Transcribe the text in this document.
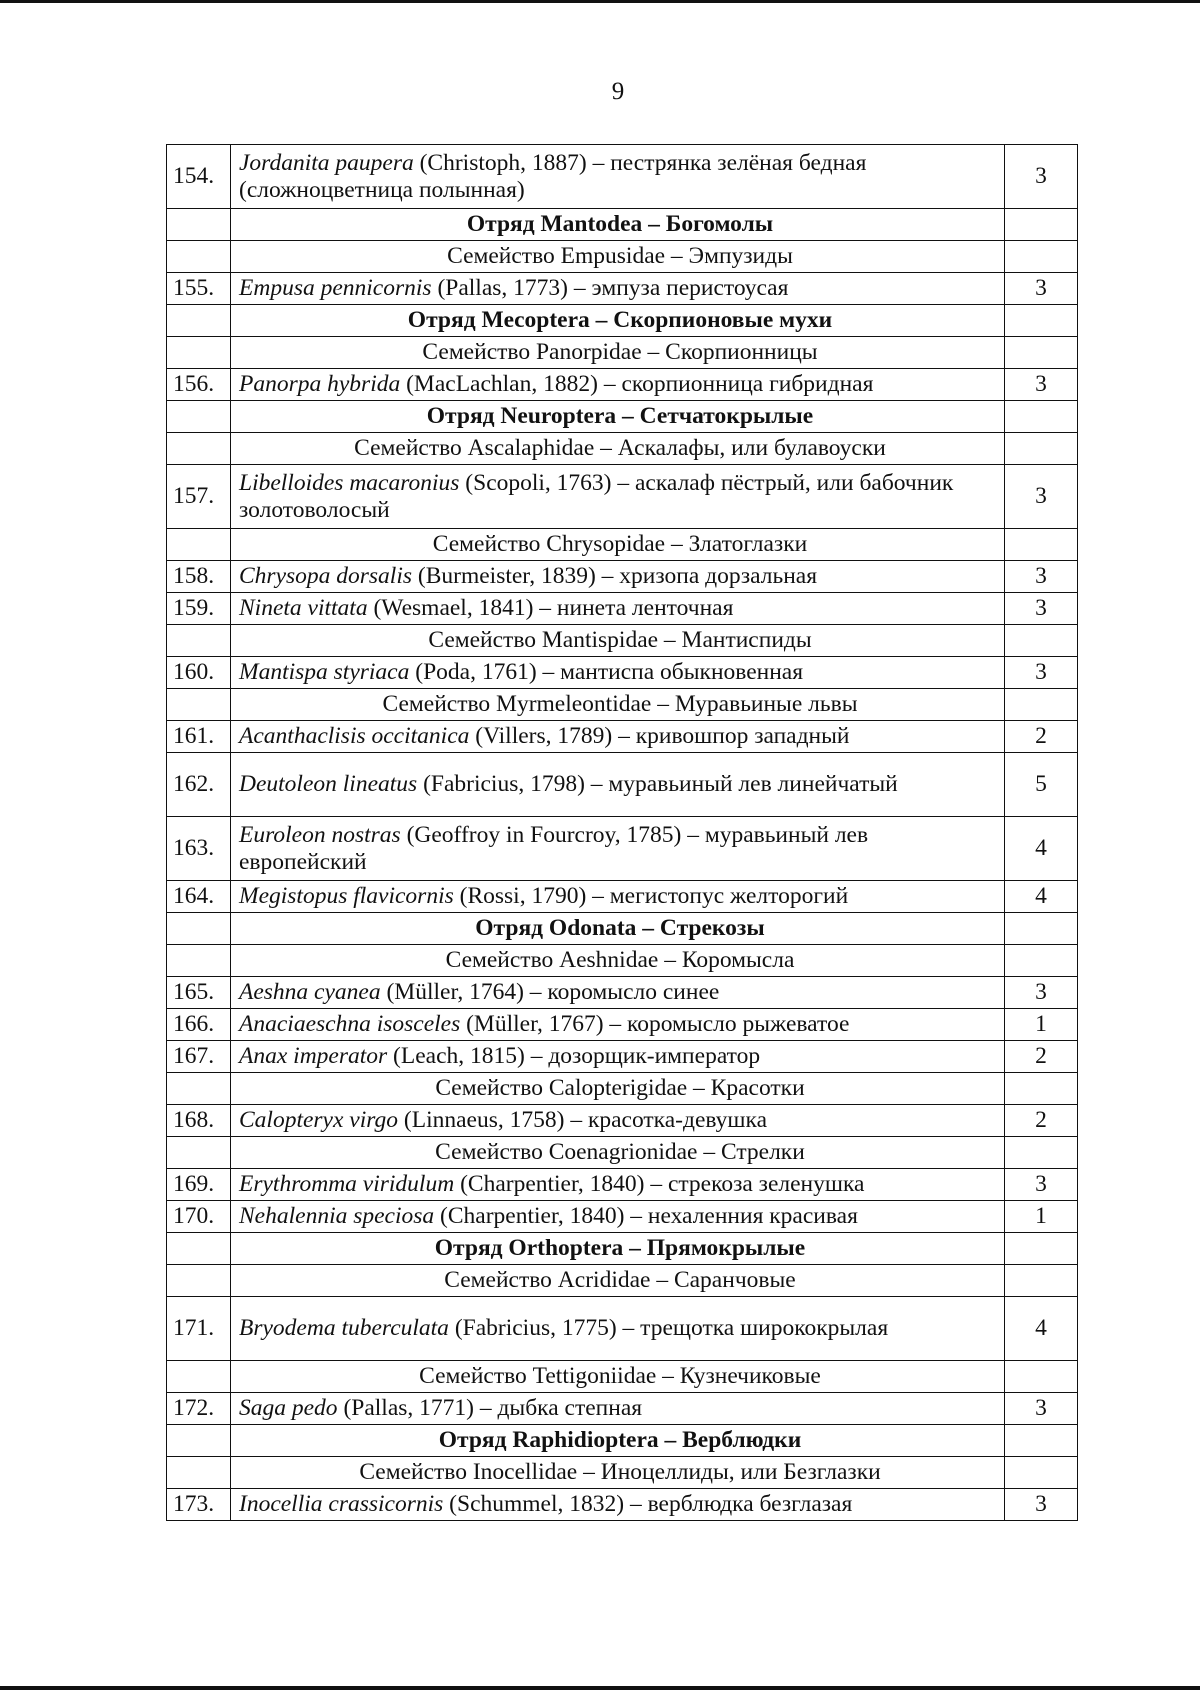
9
154.	Jordanita paupera (Christoph, 1887) – пестрянка зелёная бедная (сложноцветница полынная)	3
	Отряд Mantodea – Богомолы	
	Семейство Empusidae – Эмпузиды	
155.	Empusa pennicornis (Pallas, 1773) – эмпуза перистоусая	3
	Отряд Mecoptera – Скорпионовые мухи	
	Семейство Panorpidae – Скорпионницы	
156.	Panorpa hybrida (MacLachlan, 1882) – скорпионница гибридная	3
	Отряд Neuroptera – Сетчатокрылые	
	Семейство Ascalaphidae – Аскалафы, или булавоуски	
157.	Libelloides macaronius (Scopoli, 1763) – аскалаф пёстрый, или бабочник золотоволосый	3
	Семейство Chrysopidae – Златоглазки	
158.	Chrysopa dorsalis (Burmeister, 1839) – хризопа дорзальная	3
159.	Nineta vittata (Wesmael, 1841) – нинета ленточная	3
	Семейство Mantispidae – Мантиспиды	
160.	Mantispa styriaca (Poda, 1761) – мантиспа обыкновенная	3
	Семейство Myrmeleontidae – Муравьиные львы	
161.	Acanthaclisis occitanica (Villers, 1789) – кривошпор западный	2
162.	Deutoleon lineatus (Fabricius, 1798) – муравьиный лев линейчатый	5
163.	Euroleon nostras (Geoffroy in Fourcroy, 1785) – муравьиный лев европейский	4
164.	Megistopus flavicornis (Rossi, 1790) – мегистопус желторогий	4
	Отряд Odonata – Стрекозы	
	Семейство Aeshnidae – Коромысла	
165.	Aeshna cyanea (Müller, 1764) – коромысло синее	3
166.	Anaciaeschna isosceles (Müller, 1767) – коромысло рыжеватое	1
167.	Anax imperator (Leach, 1815) – дозорщик-император	2
	Семейство Calopterigidae – Красотки	
168.	Calopteryx virgo (Linnaeus, 1758) – красотка-девушка	2
	Семейство Coenagrionidae – Стрелки	
169.	Erythromma viridulum (Charpentier, 1840) – стрекоза зеленушка	3
170.	Nehalennia speciosa (Charpentier, 1840) – нехаленния красивая	1
	Отряд Orthoptera – Прямокрылые	
	Семейство Acrididae – Саранчовые	
171.	Bryodema tuberculata (Fabricius, 1775) – трещотка ширококрылая	4
	Семейство Tettigoniidae – Кузнечиковые	
172.	Saga pedo (Pallas, 1771) – дыбка степная	3
	Отряд Raphidioptera – Верблюдки	
	Семейство Inocellidae – Иноцеллиды, или Безглазки	
173.	Inocellia crassicornis (Schummel, 1832) – верблюдка безглазая	3
